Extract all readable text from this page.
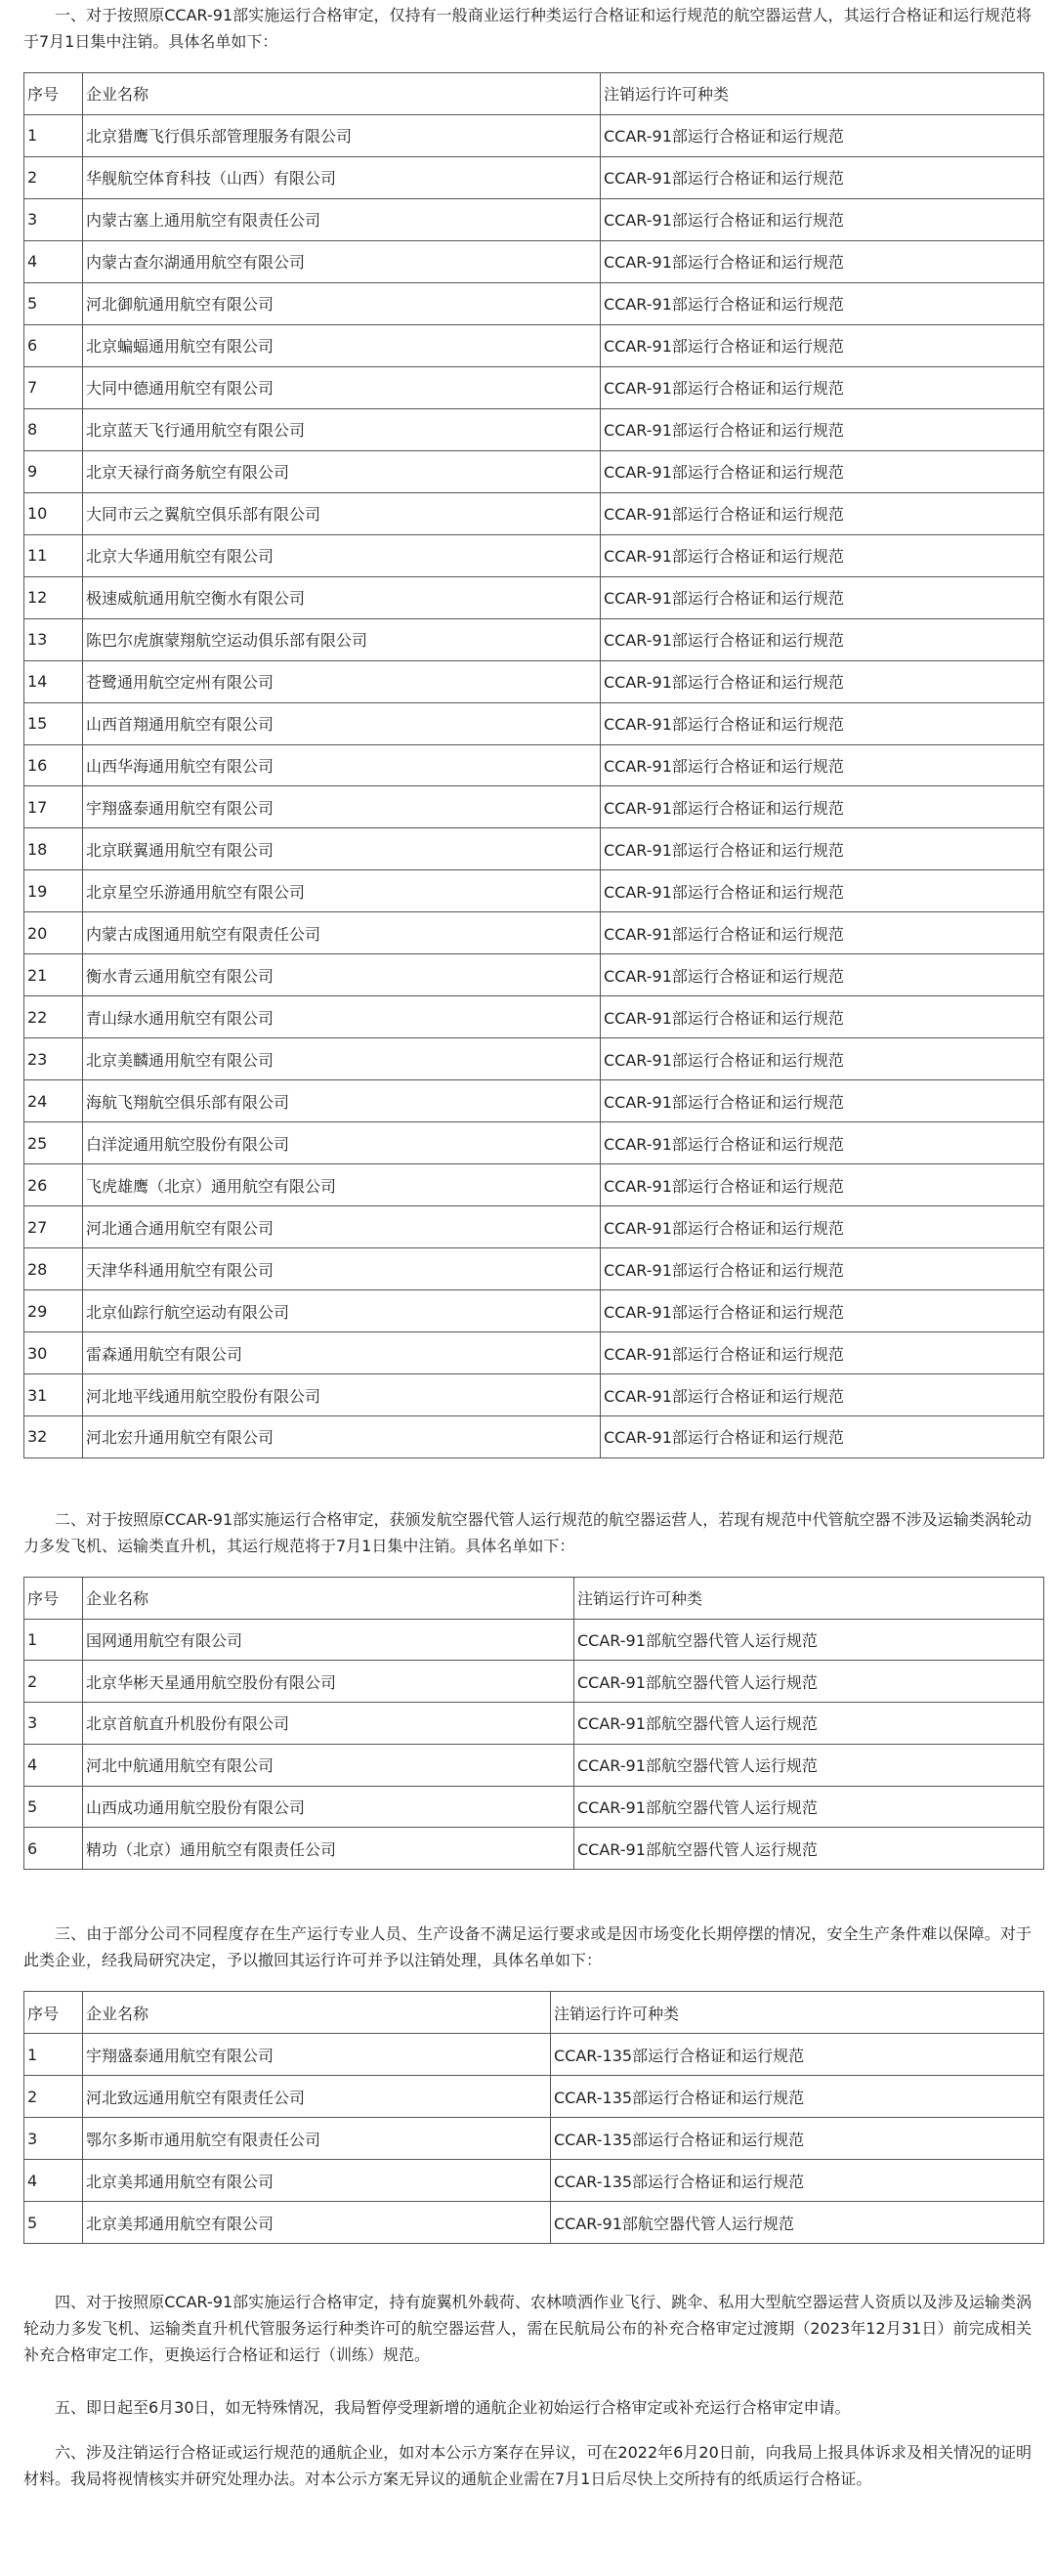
一、对于按照原CCAR-91部实施运行合格审定，仅持有一般商业运行种类运行合格证和运行规范的航空器运营人，其运行合格证和运行规范将于7月1日集中注销。具体名单如下：

序号	企业名称	注销运行许可种类
1	北京猎鹰飞行俱乐部管理服务有限公司	CCAR-91部运行合格证和运行规范
2	华舰航空体育科技（山西）有限公司	CCAR-91部运行合格证和运行规范
3	内蒙古塞上通用航空有限责任公司	CCAR-91部运行合格证和运行规范
4	内蒙古查尔湖通用航空有限公司	CCAR-91部运行合格证和运行规范
5	河北御航通用航空有限公司	CCAR-91部运行合格证和运行规范
6	北京蝙蝠通用航空有限公司	CCAR-91部运行合格证和运行规范
7	大同中德通用航空有限公司	CCAR-91部运行合格证和运行规范
8	北京蓝天飞行通用航空有限公司	CCAR-91部运行合格证和运行规范
9	北京天禄行商务航空有限公司	CCAR-91部运行合格证和运行规范
10	大同市云之翼航空俱乐部有限公司	CCAR-91部运行合格证和运行规范
11	北京大华通用航空有限公司	CCAR-91部运行合格证和运行规范
12	极速威航通用航空衡水有限公司	CCAR-91部运行合格证和运行规范
13	陈巴尔虎旗蒙翔航空运动俱乐部有限公司	CCAR-91部运行合格证和运行规范
14	苍鹭通用航空定州有限公司	CCAR-91部运行合格证和运行规范
15	山西首翔通用航空有限公司	CCAR-91部运行合格证和运行规范
16	山西华海通用航空有限公司	CCAR-91部运行合格证和运行规范
17	宇翔盛泰通用航空有限公司	CCAR-91部运行合格证和运行规范
18	北京联翼通用航空有限公司	CCAR-91部运行合格证和运行规范
19	北京星空乐游通用航空有限公司	CCAR-91部运行合格证和运行规范
20	内蒙古成图通用航空有限责任公司	CCAR-91部运行合格证和运行规范
21	衡水青云通用航空有限公司	CCAR-91部运行合格证和运行规范
22	青山绿水通用航空有限公司	CCAR-91部运行合格证和运行规范
23	北京美麟通用航空有限公司	CCAR-91部运行合格证和运行规范
24	海航飞翔航空俱乐部有限公司	CCAR-91部运行合格证和运行规范
25	白洋淀通用航空股份有限公司	CCAR-91部运行合格证和运行规范
26	飞虎雄鹰（北京）通用航空有限公司	CCAR-91部运行合格证和运行规范
27	河北通合通用航空有限公司	CCAR-91部运行合格证和运行规范
28	天津华科通用航空有限公司	CCAR-91部运行合格证和运行规范
29	北京仙踪行航空运动有限公司	CCAR-91部运行合格证和运行规范
30	雷森通用航空有限公司	CCAR-91部运行合格证和运行规范
31	河北地平线通用航空股份有限公司	CCAR-91部运行合格证和运行规范
32	河北宏升通用航空有限公司	CCAR-91部运行合格证和运行规范

二、对于按照原CCAR-91部实施运行合格审定，获颁发航空器代管人运行规范的航空器运营人，若现有规范中代管航空器不涉及运输类涡轮动力多发飞机、运输类直升机，其运行规范将于7月1日集中注销。具体名单如下：

序号	企业名称	注销运行许可种类
1	国网通用航空有限公司	CCAR-91部航空器代管人运行规范
2	北京华彬天星通用航空股份有限公司	CCAR-91部航空器代管人运行规范
3	北京首航直升机股份有限公司	CCAR-91部航空器代管人运行规范
4	河北中航通用航空有限公司	CCAR-91部航空器代管人运行规范
5	山西成功通用航空股份有限公司	CCAR-91部航空器代管人运行规范
6	精功（北京）通用航空有限责任公司	CCAR-91部航空器代管人运行规范

三、由于部分公司不同程度存在生产运行专业人员、生产设备不满足运行要求或是因市场变化长期停摆的情况，安全生产条件难以保障。对于此类企业，经我局研究决定，予以撤回其运行许可并予以注销处理，具体名单如下：

序号	企业名称	注销运行许可种类
1	宇翔盛泰通用航空有限公司	CCAR-135部运行合格证和运行规范
2	河北致远通用航空有限责任公司	CCAR-135部运行合格证和运行规范
3	鄂尔多斯市通用航空有限责任公司	CCAR-135部运行合格证和运行规范
4	北京美邦通用航空有限公司	CCAR-135部运行合格证和运行规范
5	北京美邦通用航空有限公司	CCAR-91部航空器代管人运行规范

四、对于按照原CCAR-91部实施运行合格审定，持有旋翼机外载荷、农林喷洒作业飞行、跳伞、私用大型航空器运营人资质以及涉及运输类涡轮动力多发飞机、运输类直升机代管服务运行种类许可的航空器运营人，需在民航局公布的补充合格审定过渡期（2023年12月31日）前完成相关补充合格审定工作，更换运行合格证和运行（训练）规范。

五、即日起至6月30日，如无特殊情况，我局暂停受理新增的通航企业初始运行合格审定或补充运行合格审定申请。

六、涉及注销运行合格证或运行规范的通航企业，如对本公示方案存在异议，可在2022年6月20日前，向我局上报具体诉求及相关情况的证明材料。我局将视情核实并研究处理办法。对本公示方案无异议的通航企业需在7月1日后尽快上交所持有的纸质运行合格证。
